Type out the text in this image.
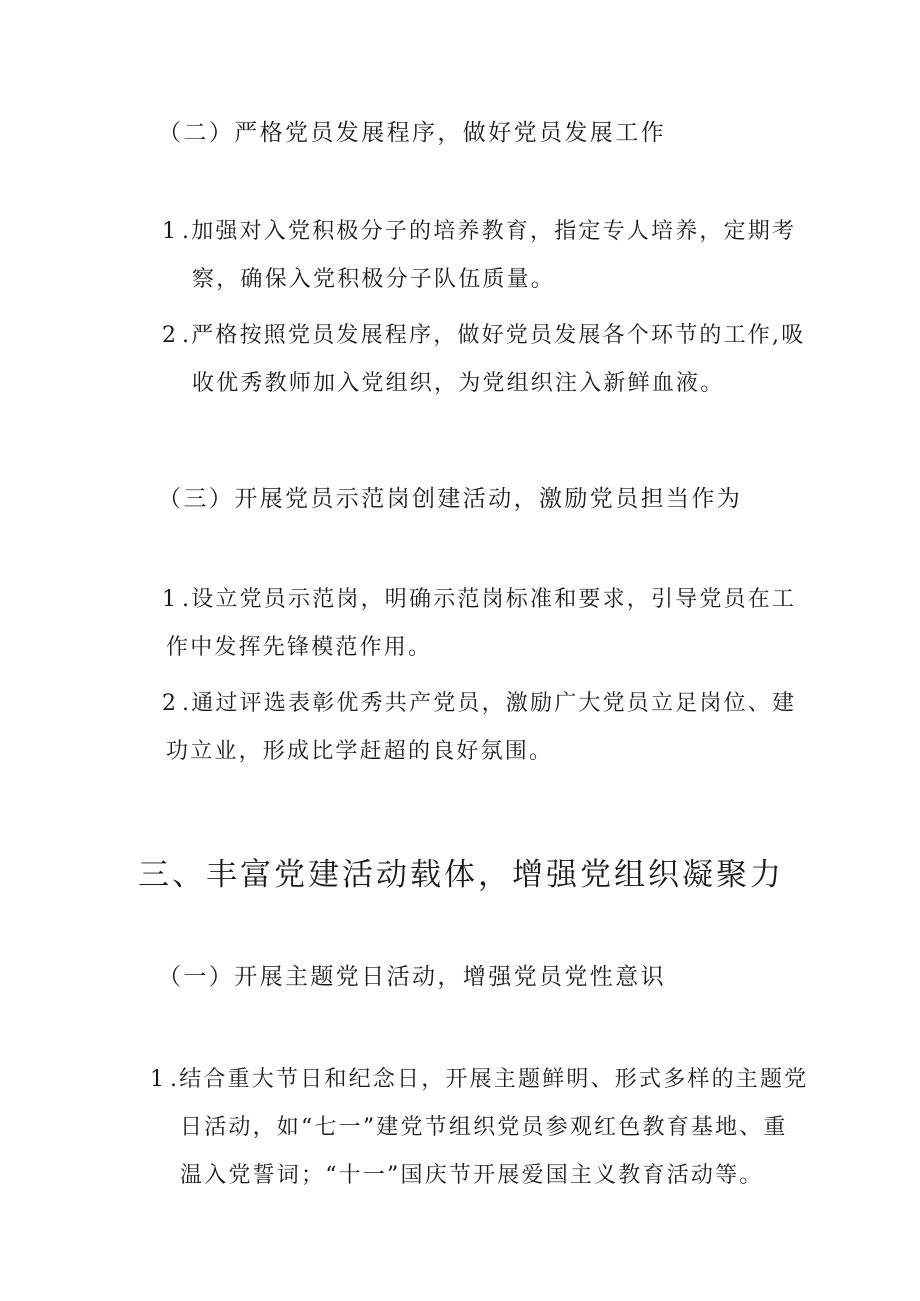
（二）严格党员发展程序，做好党员发展工作
1 .加强对入党积极分子的培养教育，指定专人培养，定期考
察，确保入党积极分子队伍质量。
2 .严格按照党员发展程序，做好党员发展各个环节的工作,吸
收优秀教师加入党组织，为党组织注入新鲜血液。
（三）开展党员示范岗创建活动，激励党员担当作为
1 .设立党员示范岗，明确示范岗标准和要求，引导党员在工
作中发挥先锋模范作用。
2 .通过评选表彰优秀共产党员，激励广大党员立足岗位、建
功立业，形成比学赶超的良好氛围。
三、丰富党建活动载体，增强党组织凝聚力
（一）开展主题党日活动，增强党员党性意识
1 .结合重大节日和纪念日，开展主题鲜明、形式多样的主题党
日活动，如“七一”建党节组织党员参观红色教育基地、重
温入党誓词；“十一”国庆节开展爱国主义教育活动等。
